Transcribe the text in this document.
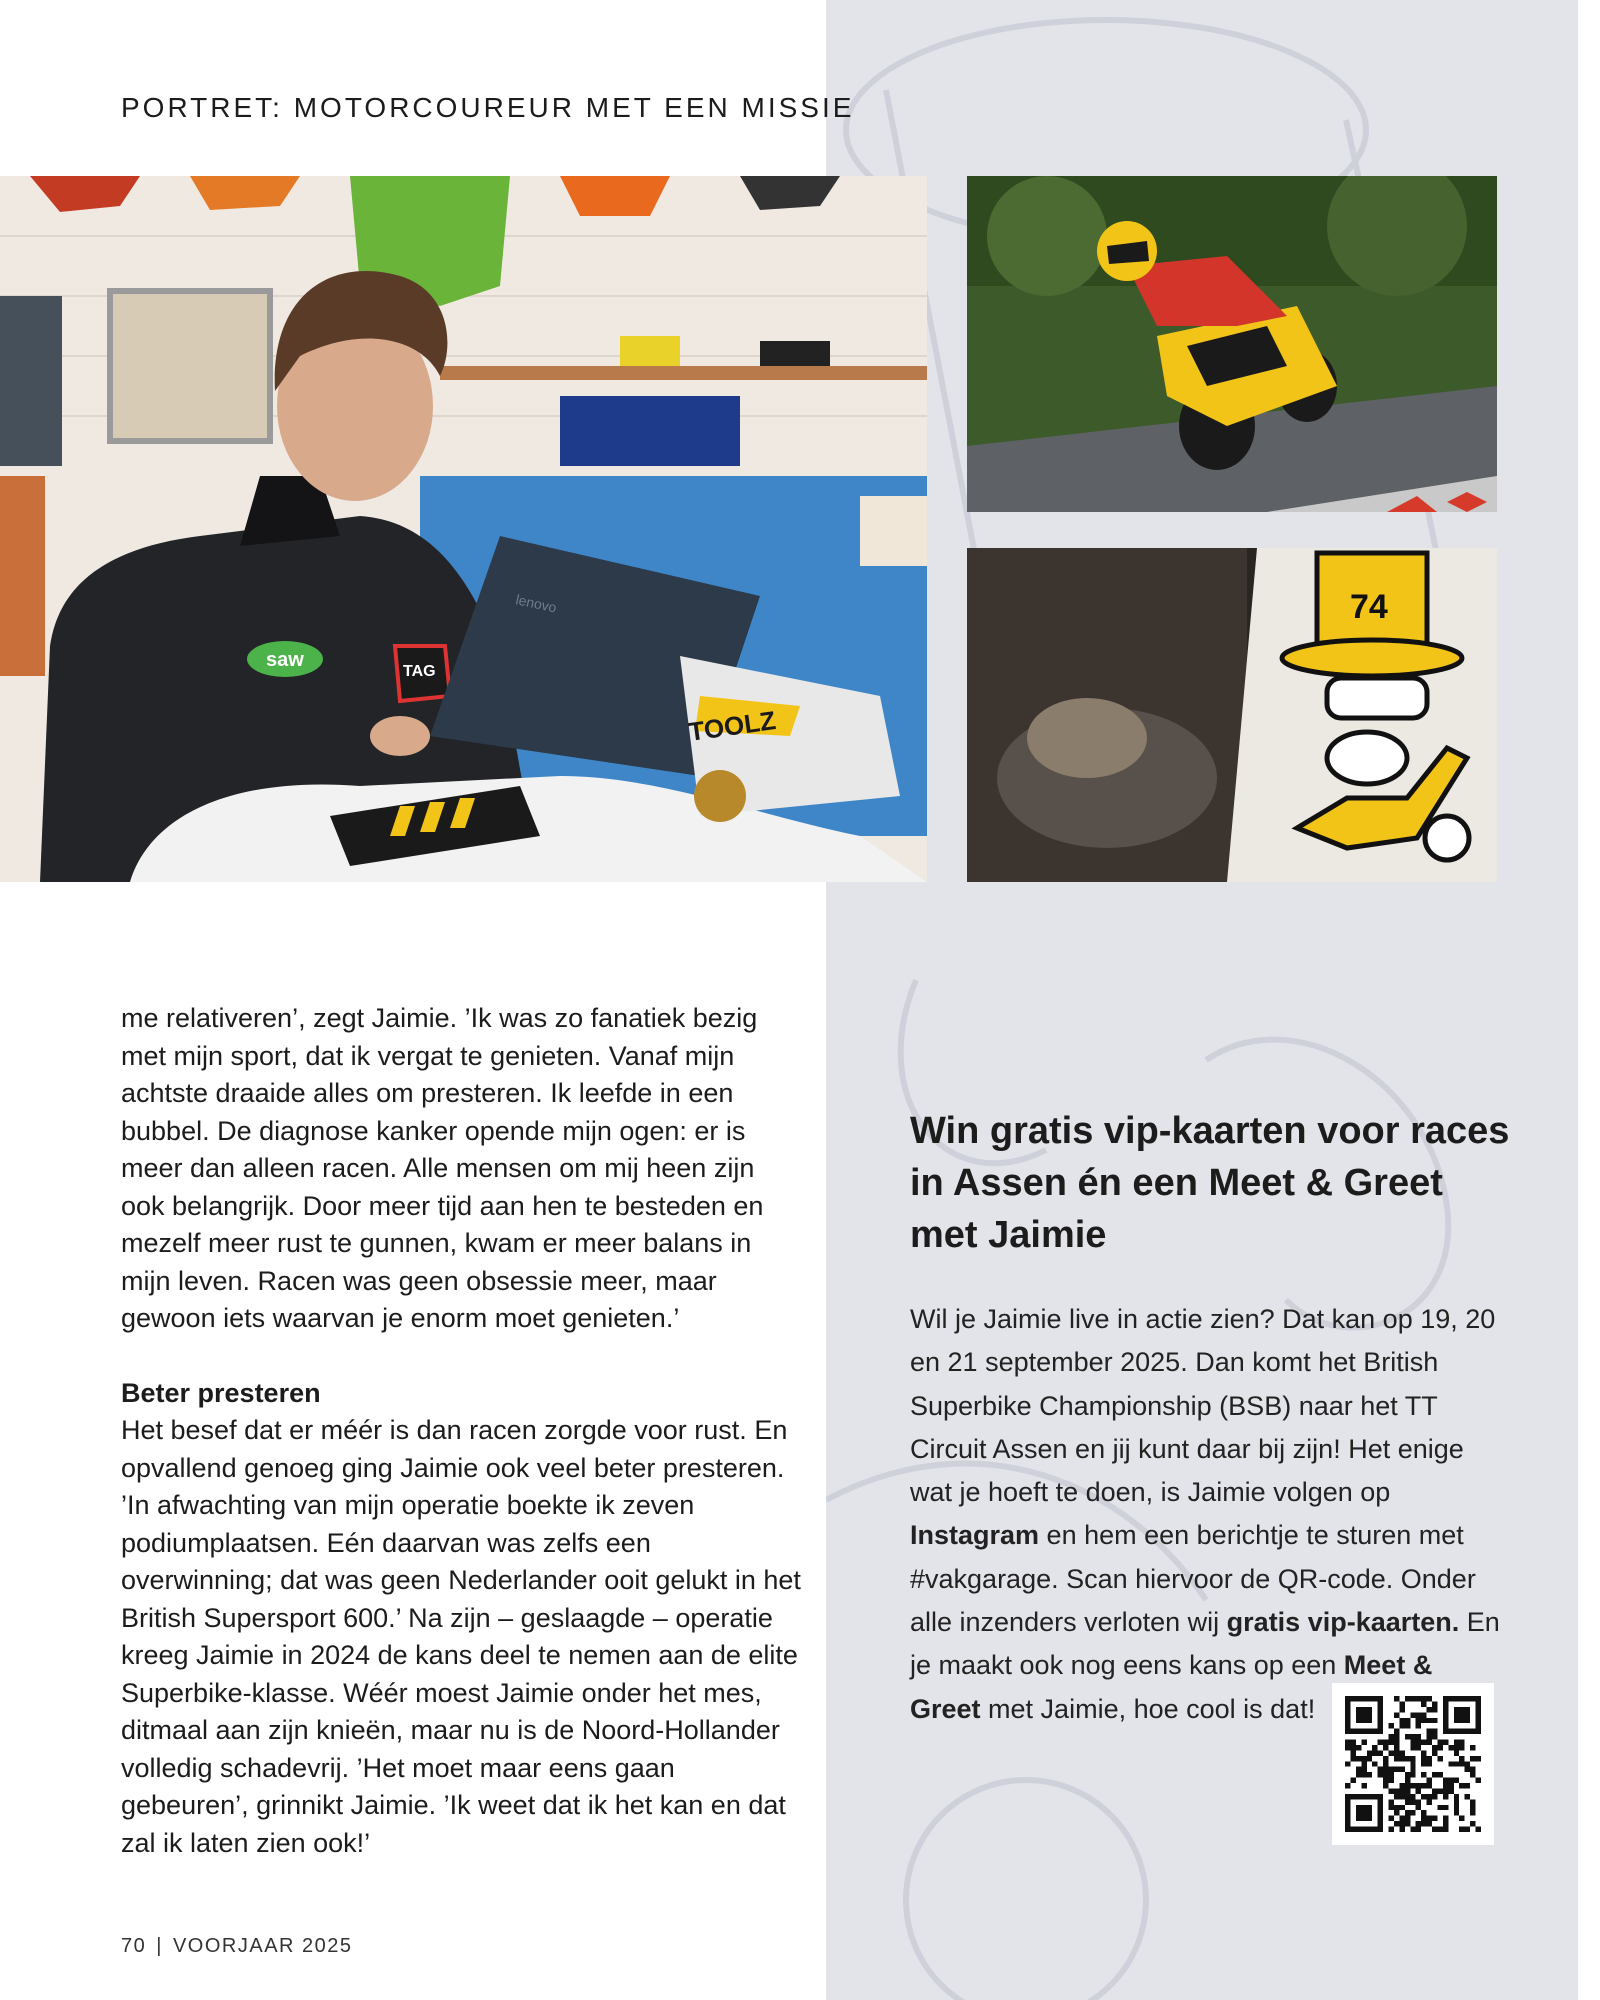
PORTRET: MOTORCOUREUR MET EEN MISSIE
saw
TAG
lenovo
TOOLZ
74

me relativeren’, zegt Jaimie. ’Ik was zo fanatiek bezig met mijn sport, dat ik vergat te genieten. Vanaf mijn achtste draaide alles om presteren. Ik leefde in een bubbel. De diagnose kanker opende mijn ogen: er is meer dan alleen racen. Alle mensen om mij heen zijn ook belangrijk. Door meer tijd aan hen te besteden en mezelf meer rust te gunnen, kwam er meer balans in mijn leven. Racen was geen obsessie meer, maar gewoon iets waarvan je enorm moet genieten.’

Beter presteren

Het besef dat er méér is dan racen zorgde voor rust. En opvallend genoeg ging Jaimie ook veel beter presteren. ’In afwachting van mijn operatie boekte ik zeven podiumplaatsen. Eén daarvan was zelfs een overwinning; dat was geen Nederlander ooit gelukt in het British Supersport 600.’ Na zijn – geslaagde – operatie kreeg Jaimie in 2024 de kans deel te nemen aan de elite Superbike-klasse. Wéér moest Jaimie onder het mes, ditmaal aan zijn knieën, maar nu is de Noord-Hollander volledig schadevrij. ’Het moet maar eens gaan gebeuren’, grinnikt Jaimie. ’Ik weet dat ik het kan en dat zal ik laten zien ook!’

Win gratis vip-kaarten voor races in Assen én een Meet & Greet met Jaimie
Wil je Jaimie live in actie zien? Dat kan op 19, 20 en 21 september 2025. Dan komt het British Superbike Championship (BSB) naar het TT Circuit Assen en jij kunt daar bij zijn! Het enige wat je hoeft te doen, is Jaimie volgen op Instagram en hem een berichtje te sturen met #vakgarage. Scan hiervoor de QR-code. Onder alle inzenders verloten wij gratis vip-kaarten. En je maakt ook nog eens kans op een Meet & Greet met Jaimie, hoe cool is dat!
70 | VOORJAAR 2025
